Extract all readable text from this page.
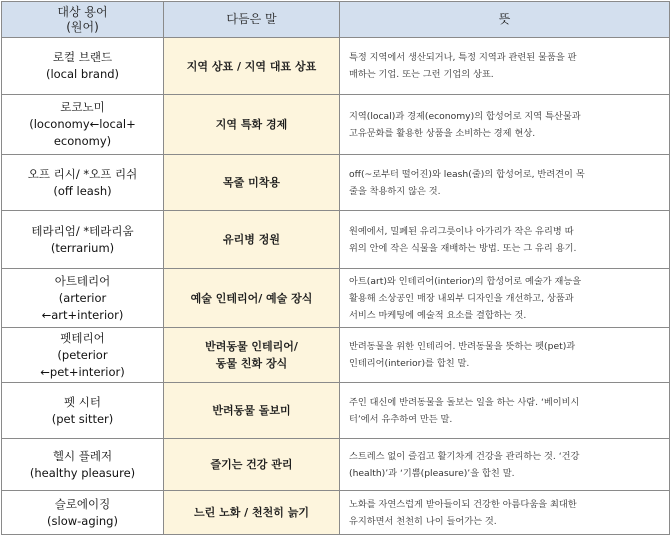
대상 용어
(원어)	다듬은 말	뜻

로컬 브랜드
(local brand)	지역 상표 / 지역 대표 상표	특정 지역에서 생산되거나, 특정 지역과 관련된 물품을 판
매하는 기업. 또는 그런 기업의 상표.

로코노미
(loconomy←local+
economy)	지역 특화 경제	지역(local)과 경제(economy)의 합성어로 지역 특산물과
고유문화를 활용한 상품을 소비하는 경제 현상.

오프 리시/ *오프 리쉬
(off leash)	목줄 미착용	off(~로부터 떨어진)와 leash(줄)의 합성어로, 반려견이 목
줄을 착용하지 않은 것.

테라리엄/ *테라리움
(terrarium)	유리병 정원	원예에서, 밀폐된 유리그릇이나 아가리가 작은 유리병 따
위의 안에 작은 식물을 재배하는 방법. 또는 그 유리 용기.

아트테리어
(arterior
←art+interior)	예술 인테리어/ 예술 장식	아트(art)와 인테리어(interior)의 합성어로 예술가 재능을
활용해 소상공인 매장 내외부 디자인을 개선하고, 상품과
서비스 마케팅에 예술적 요소를 결합하는 것.

펫테리어
(peterior
←pet+interior)	반려동물 인테리어/
동물 친화 장식	반려동물을 위한 인테리어. 반려동물을 뜻하는 펫(pet)과
인테리어(interior)를 합친 말.

펫 시터
(pet sitter)	반려동물 돌보미	주인 대신에 반려동물을 돌보는 일을 하는 사람. ‘베이비시
터’에서 유추하여 만든 말.

헬시 플레저
(healthy pleasure)	즐기는 건강 관리	스트레스 없이 즐겁고 활기차게 건강을 관리하는 것. ‘건강
(health)’과 ‘기쁨(pleasure)’을 합친 말.

슬로에이징
(slow-aging)	느린 노화 / 천천히 늙기	노화를 자연스럽게 받아들이되 건강한 아름다움을 최대한
유지하면서 천천히 나이 들어가는 것.
